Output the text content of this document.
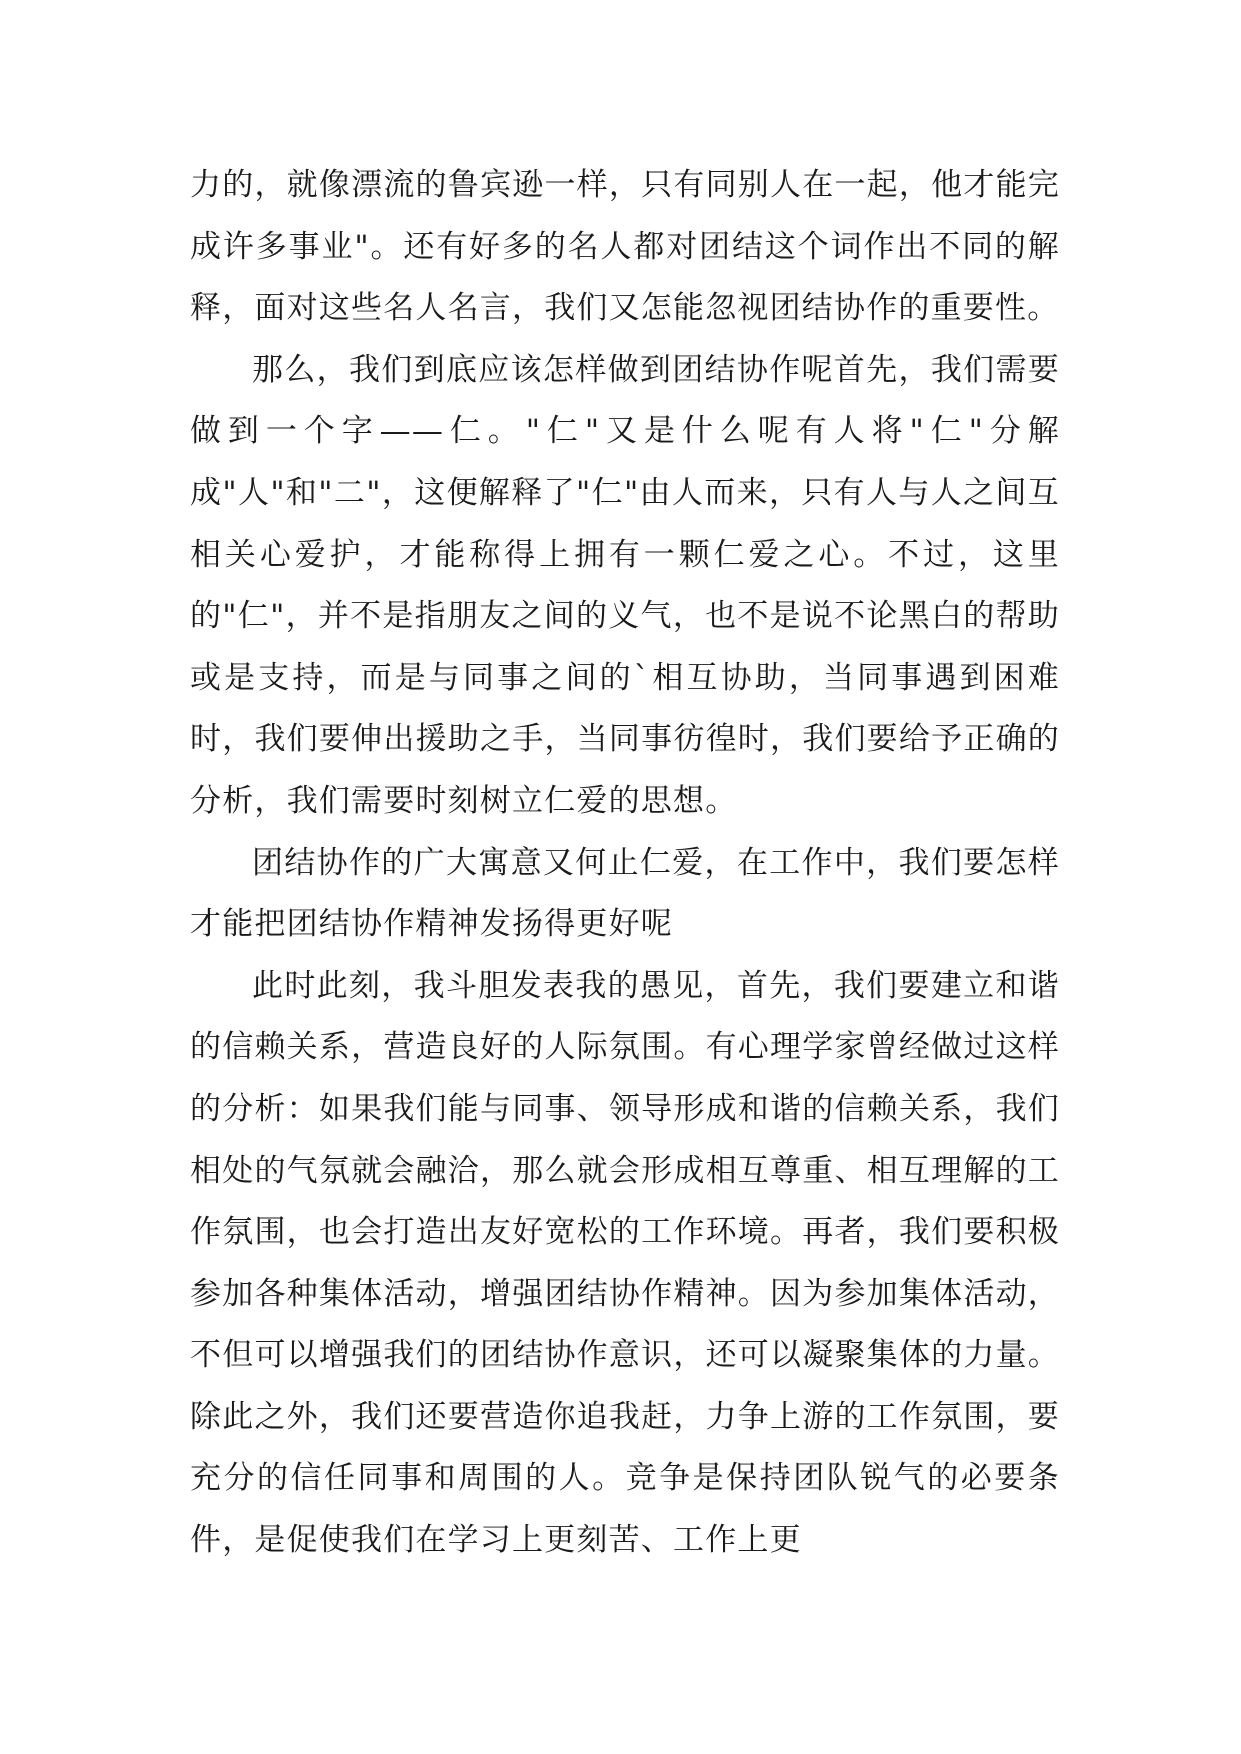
力的，就像漂流的鲁宾逊一样，只有同别人在一起，他才能完成许多事业"。还有好多的名人都对团结这个词作出不同的解释，面对这些名人名言，我们又怎能忽视团结协作的重要性。

那么，我们到底应该怎样做到团结协作呢首先，我们需要做到一个字——仁。"仁"又是什么呢有人将"仁"分解成"人"和"二"，这便解释了"仁"由人而来，只有人与人之间互相关心爱护，才能称得上拥有一颗仁爱之心。不过，这里的"仁"，并不是指朋友之间的义气，也不是说不论黑白的帮助或是支持，而是与同事之间的`相互协助，当同事遇到困难时，我们要伸出援助之手，当同事彷徨时，我们要给予正确的分析，我们需要时刻树立仁爱的思想。

团结协作的广大寓意又何止仁爱，在工作中，我们要怎样才能把团结协作精神发扬得更好呢

此时此刻，我斗胆发表我的愚见，首先，我们要建立和谐的信赖关系，营造良好的人际氛围。有心理学家曾经做过这样的分析：如果我们能与同事、领导形成和谐的信赖关系，我们相处的气氛就会融洽，那么就会形成相互尊重、相互理解的工作氛围，也会打造出友好宽松的工作环境。再者，我们要积极参加各种集体活动，增强团结协作精神。因为参加集体活动，不但可以增强我们的团结协作意识，还可以凝聚集体的力量。除此之外，我们还要营造你追我赶，力争上游的工作氛围，要充分的信任同事和周围的人。竞争是保持团队锐气的必要条件，是促使我们在学习上更刻苦、工作上更
